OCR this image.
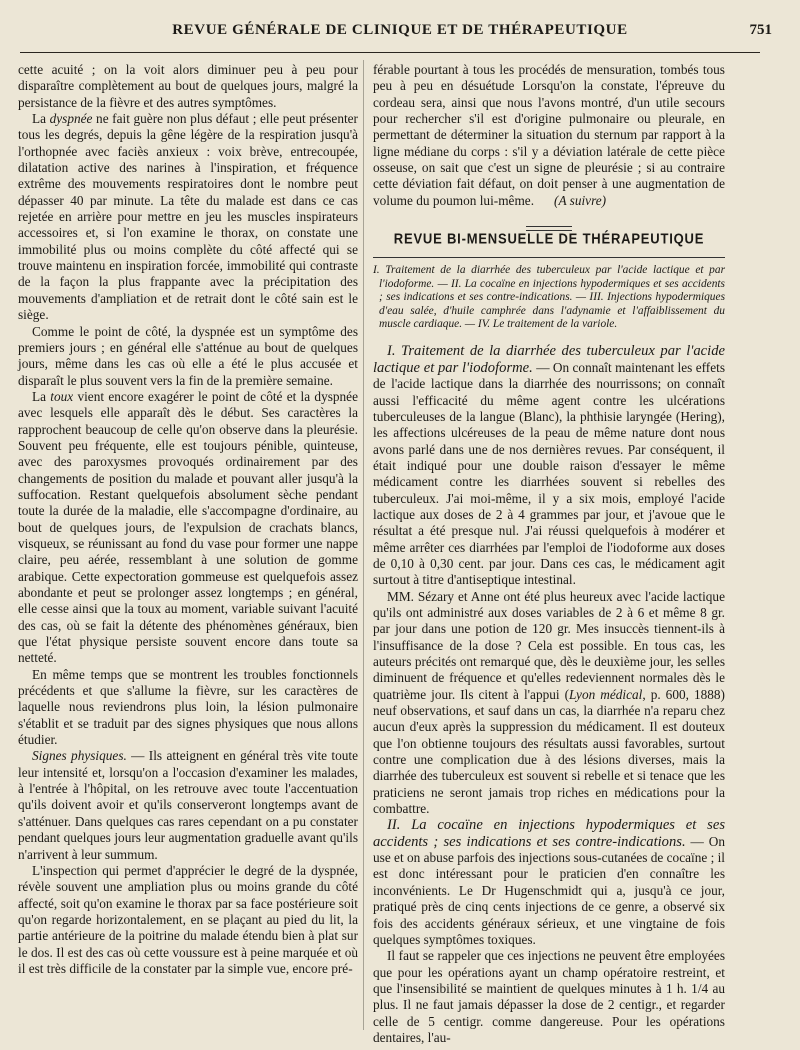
REVUE GÉNÉRALE DE CLINIQUE ET DE THÉRAPEUTIQUE	751

cette acuité ; on la voit alors diminuer peu à peu pour disparaître complètement au bout de quelques jours, malgré la persistance de la fièvre et des autres symptômes.

La dyspnée ne fait guère non plus défaut ; elle peut présenter tous les degrés, depuis la gêne légère de la respiration jusqu'à l'orthopnée avec faciès anxieux : voix brève, entrecoupée, dilatation active des narines à l'inspiration, et fréquence extrême des mouvements respiratoires dont le nombre peut dépasser 40 par minute. La tête du malade est dans ce cas rejetée en arrière pour mettre en jeu les muscles inspirateurs accessoires et, si l'on examine le thorax, on constate une immobilité plus ou moins complète du côté affecté qui se trouve maintenu en inspiration forcée, immobilité qui contraste de la façon la plus frappante avec la précipitation des mouvements d'ampliation et de retrait dont le côté sain est le siège.

Comme le point de côté, la dyspnée est un symptôme des premiers jours ; en général elle s'atténue au bout de quelques jours, même dans les cas où elle a été le plus accusée et disparaît le plus souvent vers la fin de la première semaine.

La toux vient encore exagérer le point de côté et la dyspnée avec lesquels elle apparaît dès le début. Ses caractères la rapprochent beaucoup de celle qu'on observe dans la pleurésie. Souvent peu fréquente, elle est toujours pénible, quinteuse, avec des paroxysmes provoqués ordinairement par des changements de position du malade et pouvant aller jusqu'à la suffocation. Restant quelquefois absolument sèche pendant toute la durée de la maladie, elle s'accompagne d'ordinaire, au bout de quelques jours, de l'expulsion de crachats blancs, visqueux, se réunissant au fond du vase pour former une nappe claire, peu aérée, ressemblant à une solution de gomme arabique. Cette expectoration gommeuse est quelquefois assez abondante et peut se prolonger assez longtemps ; en général, elle cesse ainsi que la toux au moment, variable suivant l'acuité des cas, où se fait la détente des phénomènes généraux, bien que l'état physique persiste souvent encore dans toute sa netteté.

En même temps que se montrent les troubles fonctionnels précédents et que s'allume la fièvre, sur les caractères de laquelle nous reviendrons plus loin, la lésion pulmonaire s'établit et se traduit par des signes physiques que nous allons étudier.

Signes physiques. — Ils atteignent en général très vite toute leur intensité et, lorsqu'on a l'occasion d'examiner les malades, à l'entrée à l'hôpital, on les retrouve avec toute l'accentuation qu'ils doivent avoir et qu'ils conserveront longtemps avant de s'atténuer. Dans quelques cas rares cependant on a pu constater pendant quelques jours leur augmentation graduelle avant qu'ils n'arrivent à leur summum.

L'inspection qui permet d'apprécier le degré de la dyspnée, révèle souvent une ampliation plus ou moins grande du côté affecté, soit qu'on examine le thorax par sa face postérieure soit qu'on regarde horizontalement, en se plaçant au pied du lit, la partie antérieure de la poitrine du malade étendu bien à plat sur le dos. Il est des cas où cette voussure est à peine marquée et où il est très difficile de la constater par la simple vue, encore pré-

férable pourtant à tous les procédés de mensuration, tombés tous peu à peu en désuétude Lorsqu'on la constate, l'épreuve du cordeau sera, ainsi que nous l'avons montré, d'un utile secours pour rechercher s'il est d'origine pulmonaire ou pleurale, en permettant de déterminer la situation du sternum par rapport à la ligne médiane du corps : s'il y a déviation latérale de cette pièce osseuse, on sait que c'est un signe de pleurésie ; si au contraire cette déviation fait défaut, on doit penser à une augmentation de volume du poumon lui-même. (A suivre)

REVUE BI-MENSUELLE DE THÉRAPEUTIQUE
I. Traitement de la diarrhée des tuberculeux par l'acide lactique et par l'iodoforme. — II. La cocaïne en injections hypodermiques et ses accidents ; ses indications et ses contre-indications. — III. Injections hypodermiques d'eau salée, d'huile camphrée dans l'adynamie et l'affaiblissement du muscle cardiaque. — IV. Le traitement de la variole.

I. Traitement de la diarrhée des tuberculeux par l'acide lactique et par l'iodoforme. — On connaît maintenant les effets de l'acide lactique dans la diarrhée des nourrissons; on connaît aussi l'efficacité du même agent contre les ulcérations tuberculeuses de la langue (Blanc), la phthisie laryngée (Hering), les affections ulcéreuses de la peau de même nature dont nous avons parlé dans une de nos dernières revues. Par conséquent, il était indiqué pour une double raison d'essayer le même médicament contre les diarrhées souvent si rebelles des tuberculeux. J'ai moi-même, il y a six mois, employé l'acide lactique aux doses de 2 à 4 grammes par jour, et j'avoue que le résultat a été presque nul. J'ai réussi quelquefois à modérer et même arrêter ces diarrhées par l'emploi de l'iodoforme aux doses de 0,10 à 0,30 cent. par jour. Dans ces cas, le médicament agit surtout à titre d'antiseptique intestinal.

MM. Sézary et Anne ont été plus heureux avec l'acide lactique qu'ils ont administré aux doses variables de 2 à 6 et même 8 gr. par jour dans une potion de 120 gr. Mes insuccès tiennent-ils à l'insuffisance de la dose ? Cela est possible. En tous cas, les auteurs précités ont remarqué que, dès le deuxième jour, les selles diminuent de fréquence et qu'elles redeviennent normales dès le quatrième jour. Ils citent à l'appui (Lyon médical, p. 600, 1888) neuf observations, et sauf dans un cas, la diarrhée n'a reparu chez aucun d'eux après la suppression du médicament. Il est douteux que l'on obtienne toujours des résultats aussi favorables, surtout contre une complication due à des lésions diverses, mais la diarrhée des tuberculeux est souvent si rebelle et si tenace que les praticiens ne seront jamais trop riches en médications pour la combattre.

II. La cocaïne en injections hypodermiques et ses accidents ; ses indications et ses contre-indications. — On use et on abuse parfois des injections sous-cutanées de cocaïne ; il est donc intéressant pour le praticien d'en connaître les inconvénients. Le Dr Hugenschmidt qui a, jusqu'à ce jour, pratiqué près de cinq cents injections de ce genre, a observé six fois des accidents généraux sérieux, et une vingtaine de fois quelques symptômes toxiques.

Il faut se rappeler que ces injections ne peuvent être employées que pour les opérations ayant un champ opératoire restreint, et que l'insensibilité se maintient de quelques minutes à 1 h. 1/4 au plus. Il ne faut jamais dépasser la dose de 2 centigr., et regarder celle de 5 centigr. comme dangereuse. Pour les opérations dentaires, l'au-
